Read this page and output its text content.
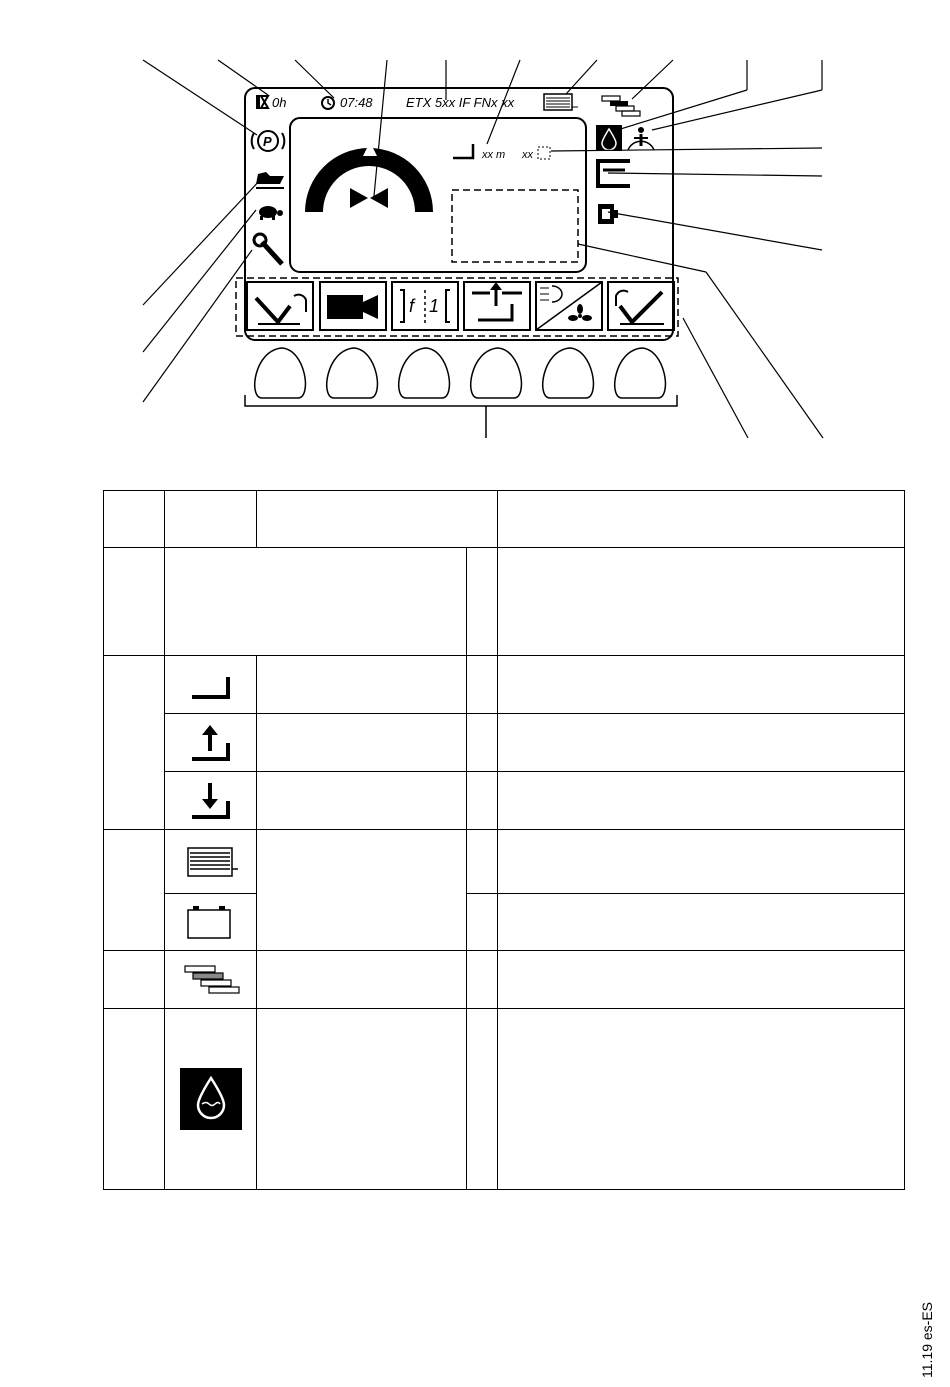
0h	07:48	ETX 5xx IF FNx xx
P
xx m xx
f 1

11.19 es-ES
